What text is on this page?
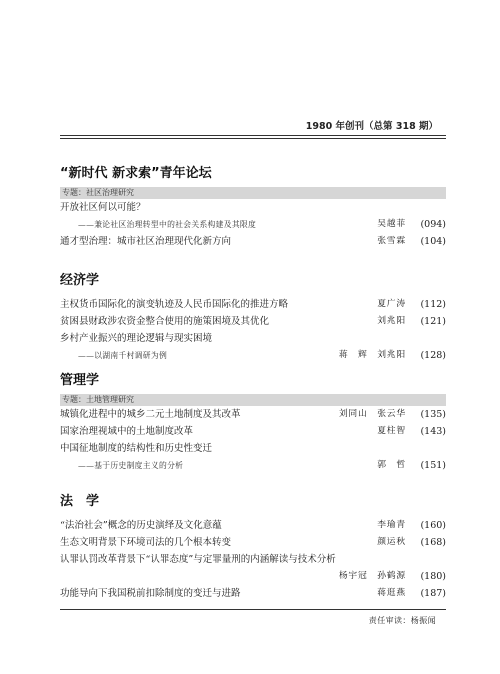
1980 年创刊（总第 318 期）
“新时代 新求索”青年论坛
专题：社区治理研究
开放社区何以可能？
——兼论社区治理转型中的社会关系构建及其限度	吴越菲 (094)
通才型治理：城市社区治理现代化新方向	张雪霖 (104)
经济学
主权货币国际化的演变轨迹及人民币国际化的推进方略	夏广涛 (112)
贫困县财政涉农资金整合使用的施策困境及其优化	刘兆阳 (121)
乡村产业振兴的理论逻辑与现实困境
——以湖南千村调研为例	蒋　辉　刘兆阳 (128)
管理学
专题：土地管理研究
城镇化进程中的城乡二元土地制度及其改革	刘同山　张云华 (135)
国家治理视域中的土地制度改革	夏柱智 (143)
中国征地制度的结构性和历史性变迁
——基于历史制度主义的分析	郭　哲 (151)
法　学
“法治社会”概念的历史演绎及文化意蕴	李瑜青 (160)
生态文明背景下环境司法的几个根本转变	颜运秋 (168)
认罪认罚改革背景下“认罪态度”与定罪量刑的内涵解读与技术分析
杨宇冠　孙鹤源 (180)
功能导向下我国税前扣除制度的变迁与进路	蒋逛燕 (187)
责任审读：杨振闻
